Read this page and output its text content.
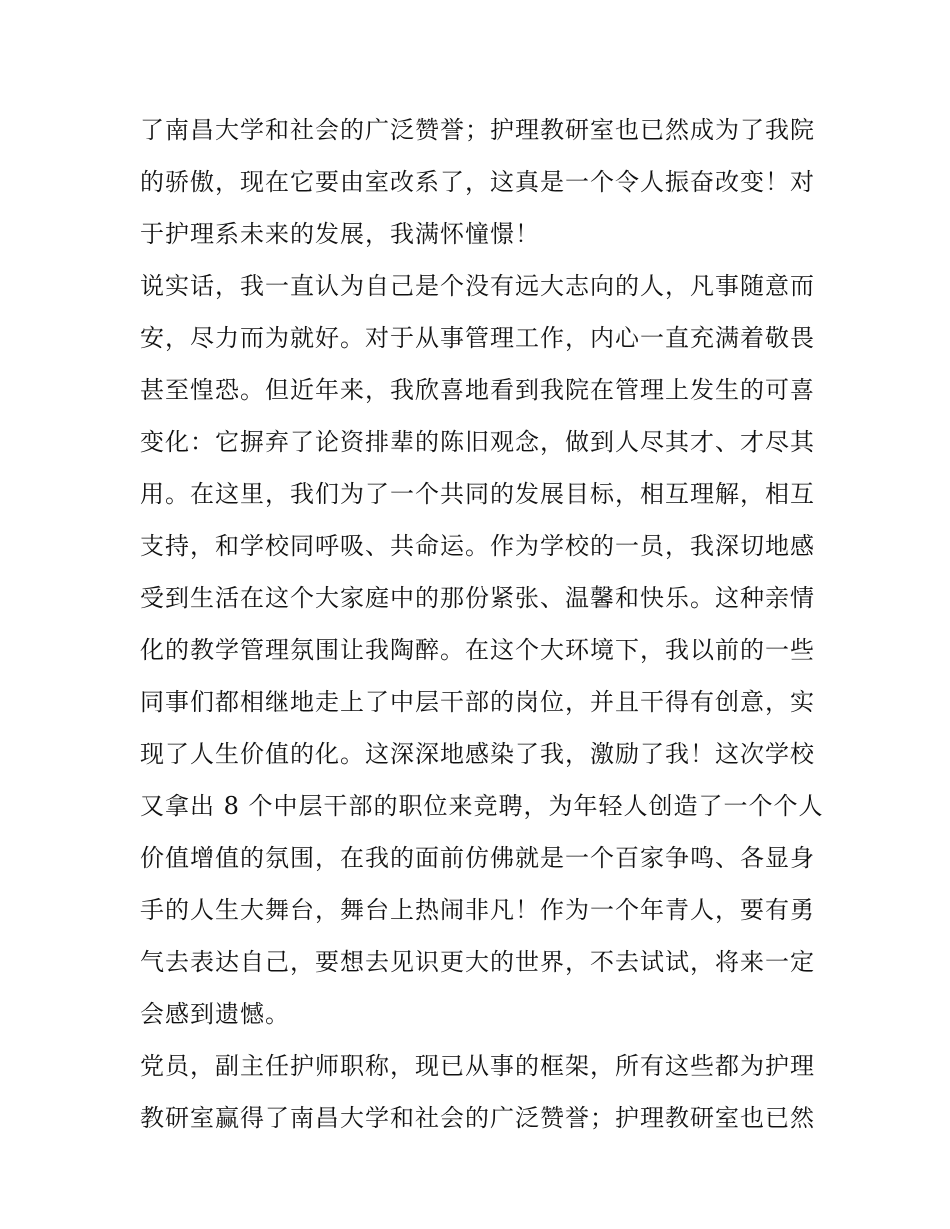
了南昌大学和社会的广泛赞誉；护理教研室也已然成为了我院
的骄傲，现在它要由室改系了，这真是一个令人振奋改变！对
于护理系未来的发展，我满怀憧憬！
说实话，我一直认为自己是个没有远大志向的人，凡事随意而
安，尽力而为就好。对于从事管理工作，内心一直充满着敬畏
甚至惶恐。但近年来，我欣喜地看到我院在管理上发生的可喜
变化：它摒弃了论资排辈的陈旧观念，做到人尽其才、才尽其
用。在这里，我们为了一个共同的发展目标，相互理解，相互
支持，和学校同呼吸、共命运。作为学校的一员，我深切地感
受到生活在这个大家庭中的那份紧张、温馨和快乐。这种亲情
化的教学管理氛围让我陶醉。在这个大环境下，我以前的一些
同事们都相继地走上了中层干部的岗位，并且干得有创意，实
现了人生价值的化。这深深地感染了我，激励了我！这次学校
又拿出 8 个中层干部的职位来竞聘，为年轻人创造了一个个人
价值增值的氛围，在我的面前仿佛就是一个百家争鸣、各显身
手的人生大舞台，舞台上热闹非凡！作为一个年青人，要有勇
气去表达自己，要想去见识更大的世界，不去试试，将来一定
会感到遗憾。
党员，副主任护师职称，现已从事的框架，所有这些都为护理
教研室赢得了南昌大学和社会的广泛赞誉；护理教研室也已然
